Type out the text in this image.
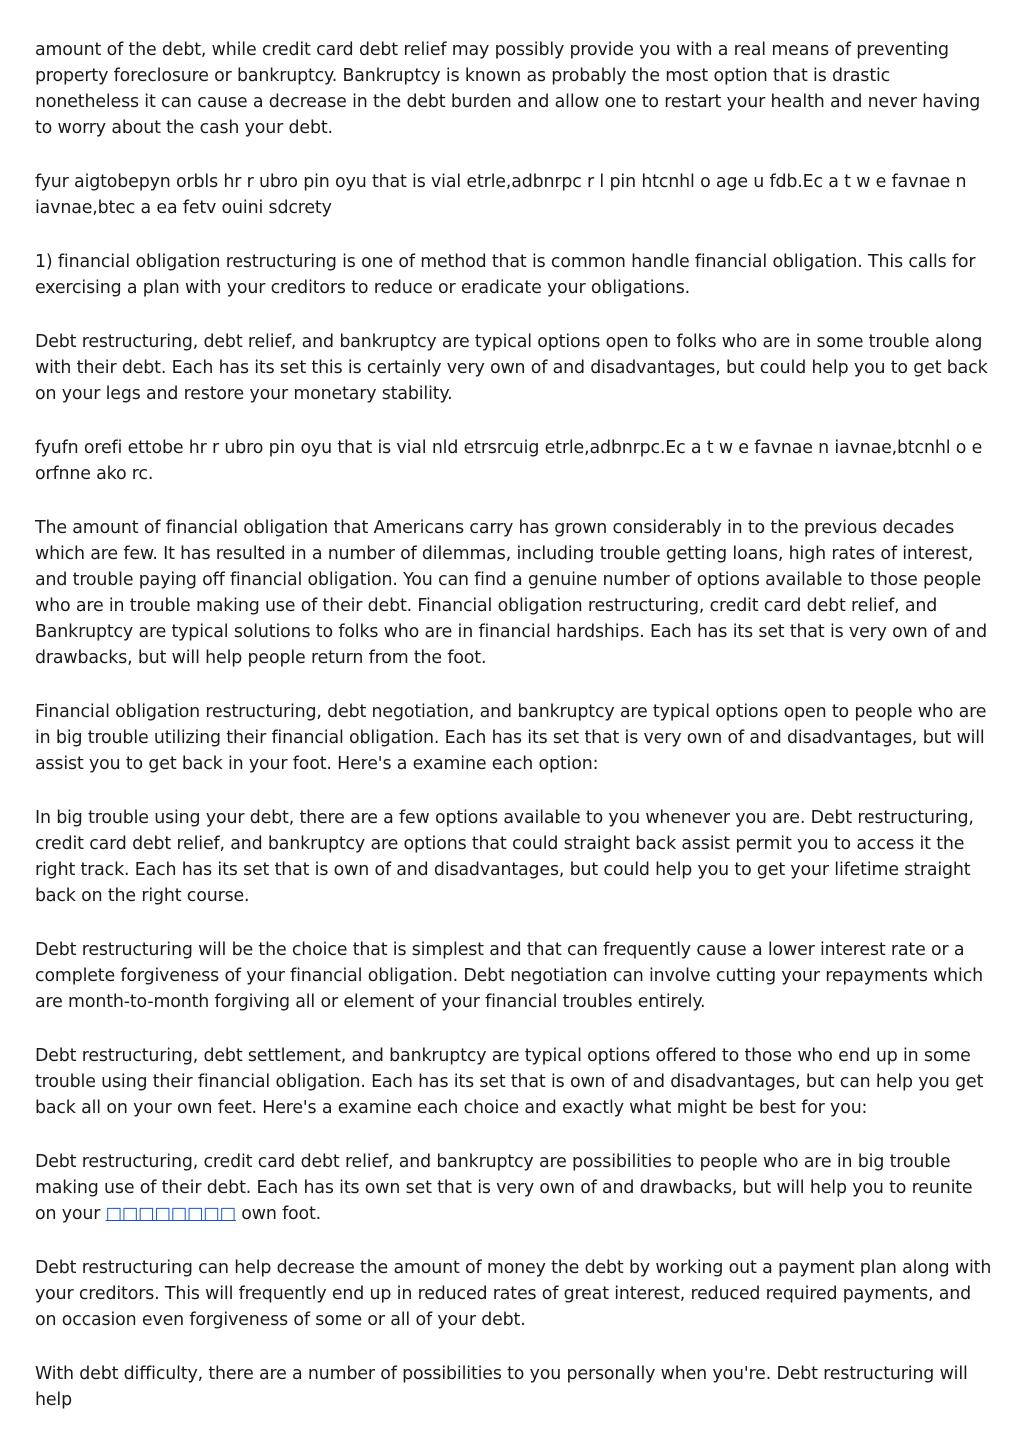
amount of the debt, while credit card debt relief may possibly provide you with a real means of preventing property foreclosure or bankruptcy. Bankruptcy is known as probably the most option that is drastic nonetheless it can cause a decrease in the debt burden and allow one to restart your health and never having to worry about the cash your debt.

fyur aigtobepyn orbls hr r ubro pin oyu that is vial etrle,adbnrpc r l pin htcnhl o age u fdb.Ec a t w e favnae n iavnae,btec a ea fetv ouini sdcrety

1) financial obligation restructuring is one of method that is common handle financial obligation. This calls for exercising a plan with your creditors to reduce or eradicate your obligations.

Debt restructuring, debt relief, and bankruptcy are typical options open to folks who are in some trouble along with their debt. Each has its set this is certainly very own of and disadvantages, but could help you to get back on your legs and restore your monetary stability.

fyufn orefi ettobe hr r ubro pin oyu that is vial nld etrsrcuig etrle,adbnrpc.Ec a t w e favnae n iavnae,btcnhl o e orfnne ako rc.

The amount of financial obligation that Americans carry has grown considerably in to the previous decades which are few. It has resulted in a number of dilemmas, including trouble getting loans, high rates of interest, and trouble paying off financial obligation. You can find a genuine number of options available to those people who are in trouble making use of their debt. Financial obligation restructuring, credit card debt relief, and Bankruptcy are typical solutions to folks who are in financial hardships. Each has its set that is very own of and drawbacks, but will help people return from the foot.

Financial obligation restructuring, debt negotiation, and bankruptcy are typical options open to people who are in big trouble utilizing their financial obligation. Each has its set that is very own of and disadvantages, but will assist you to get back in your foot. Here's a examine each option:

In big trouble using your debt, there are a few options available to you whenever you are. Debt restructuring, credit card debt relief, and bankruptcy are options that could straight back assist permit you to access it the right track. Each has its set that is own of and disadvantages, but could help you to get your lifetime straight back on the right course.

Debt restructuring will be the choice that is simplest and that can frequently cause a lower interest rate or a complete forgiveness of your financial obligation. Debt negotiation can involve cutting your repayments which are month-to-month forgiving all or element of your financial troubles entirely.

Debt restructuring, debt settlement, and bankruptcy are typical options offered to those who end up in some trouble using their financial obligation. Each has its set that is own of and disadvantages, but can help you get back all on your own feet. Here's a examine each choice and exactly what might be best for you:

Debt restructuring, credit card debt relief, and bankruptcy are possibilities to people who are in big trouble making use of their debt. Each has its own set that is very own of and drawbacks, but will help you to reunite on your □□□□□□□□ own foot.

Debt restructuring can help decrease the amount of money the debt by working out a payment plan along with your creditors. This will frequently end up in reduced rates of great interest, reduced required payments, and on occasion even forgiveness of some or all of your debt.

With debt difficulty, there are a number of possibilities to you personally when you're. Debt restructuring will help
